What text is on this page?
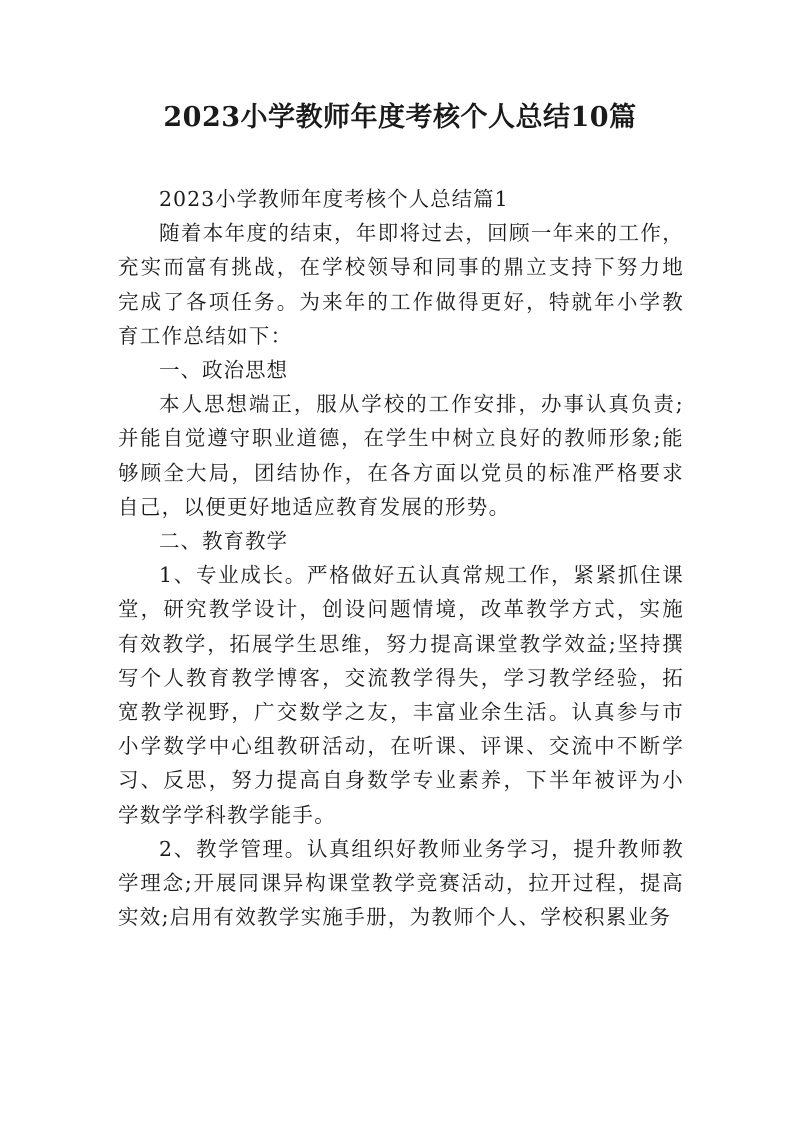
2023小学教师年度考核个人总结10篇

2023小学教师年度考核个人总结篇1

随着本年度的结束，年即将过去，回顾一年来的工作，充实而富有挑战，在学校领导和同事的鼎立支持下努力地完成了各项任务。为来年的工作做得更好，特就年小学教育工作总结如下：

一、政治思想

本人思想端正，服从学校的工作安排，办事认真负责;并能自觉遵守职业道德，在学生中树立良好的教师形象;能够顾全大局，团结协作，在各方面以党员的标准严格要求自己，以便更好地适应教育发展的形势。

二、教育教学

1、专业成长。严格做好五认真常规工作，紧紧抓住课堂，研究教学设计，创设问题情境，改革教学方式，实施有效教学，拓展学生思维，努力提高课堂教学效益;坚持撰写个人教育教学博客，交流教学得失，学习教学经验，拓宽教学视野，广交数学之友，丰富业余生活。认真参与市小学数学中心组教研活动，在听课、评课、交流中不断学习、反思，努力提高自身数学专业素养，下半年被评为小学数学学科教学能手。

2、教学管理。认真组织好教师业务学习，提升教师教学理念;开展同课异构课堂教学竞赛活动，拉开过程，提高实效;启用有效教学实施手册，为教师个人、学校积累业务
